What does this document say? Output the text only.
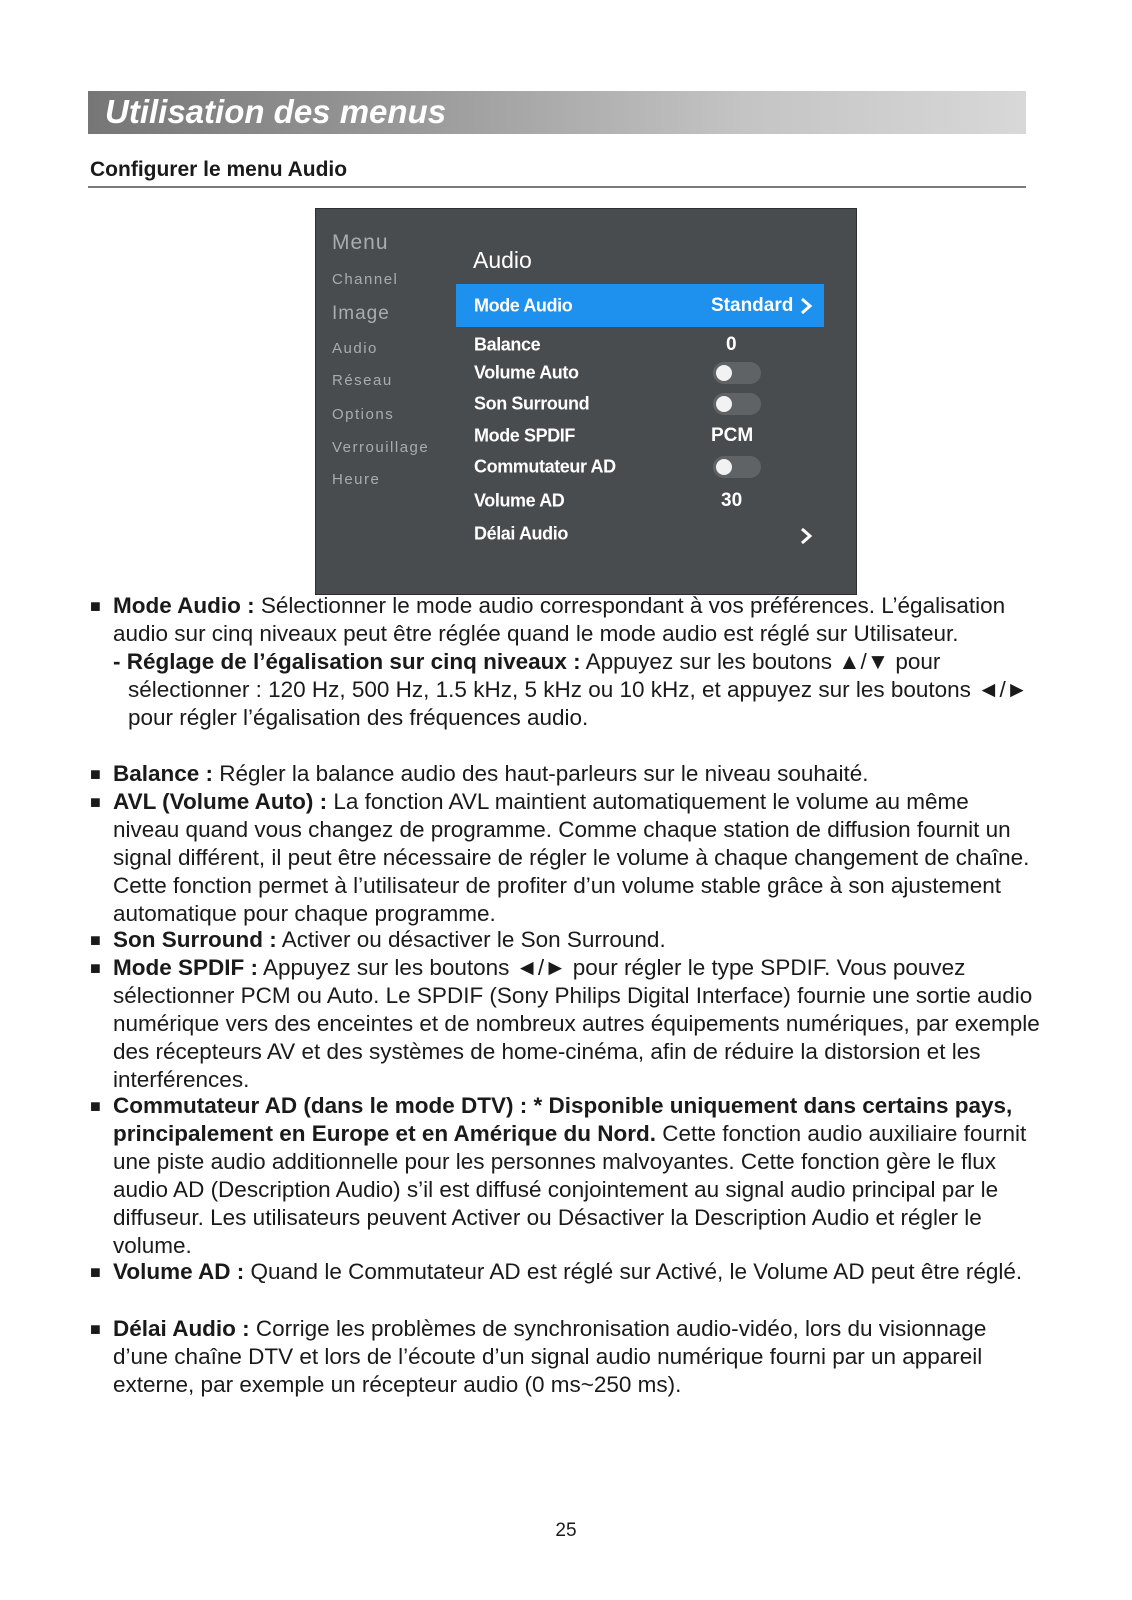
Utilisation des menus
Configurer le menu Audio
Menu
Channel
Image
Audio
Réseau
Options
Verrouillage
Heure
Audio
Mode Audio	Standard
Balance	0
Volume Auto
Son Surround
Mode SPDIF	PCM
Commutateur AD
Volume AD	30
Délai Audio
■ Mode Audio : Sélectionner le mode audio correspondant à vos préférences. L’égalisation audio sur cinq niveaux peut être réglée quand le mode audio est réglé sur Utilisateur.
- Réglage de l’égalisation sur cinq niveaux : Appuyez sur les boutons ▲/▼ pour sélectionner : 120 Hz, 500 Hz, 1.5 kHz, 5 kHz ou 10 kHz, et appuyez sur les boutons ◄/► pour régler l’égalisation des fréquences audio.
■ Balance : Régler la balance audio des haut-parleurs sur le niveau souhaité.
■ AVL (Volume Auto) : La fonction AVL maintient automatiquement le volume au même niveau quand vous changez de programme. Comme chaque station de diffusion fournit un signal différent, il peut être nécessaire de régler le volume à chaque changement de chaîne. Cette fonction permet à l’utilisateur de profiter d’un volume stable grâce à son ajustement automatique pour chaque programme.
■ Son Surround : Activer ou désactiver le Son Surround.
■ Mode SPDIF : Appuyez sur les boutons ◄/► pour régler le type SPDIF. Vous pouvez sélectionner PCM ou Auto. Le SPDIF (Sony Philips Digital Interface) fournie une sortie audio numérique vers des enceintes et de nombreux autres équipements numériques, par exemple des récepteurs AV et des systèmes de home-cinéma, afin de réduire la distorsion et les interférences.
■ Commutateur AD (dans le mode DTV) : * Disponible uniquement dans certains pays, principalement en Europe et en Amérique du Nord. Cette fonction audio auxiliaire fournit une piste audio additionnelle pour les personnes malvoyantes. Cette fonction gère le flux audio AD (Description Audio) s’il est diffusé conjointement au signal audio principal par le diffuseur. Les utilisateurs peuvent Activer ou Désactiver la Description Audio et régler le volume.
■ Volume AD : Quand le Commutateur AD est réglé sur Activé, le Volume AD peut être réglé.
■ Délai Audio : Corrige les problèmes de synchronisation audio-vidéo, lors du visionnage d’une chaîne DTV et lors de l’écoute d’un signal audio numérique fourni par un appareil externe, par exemple un récepteur audio (0 ms~250 ms).
25
